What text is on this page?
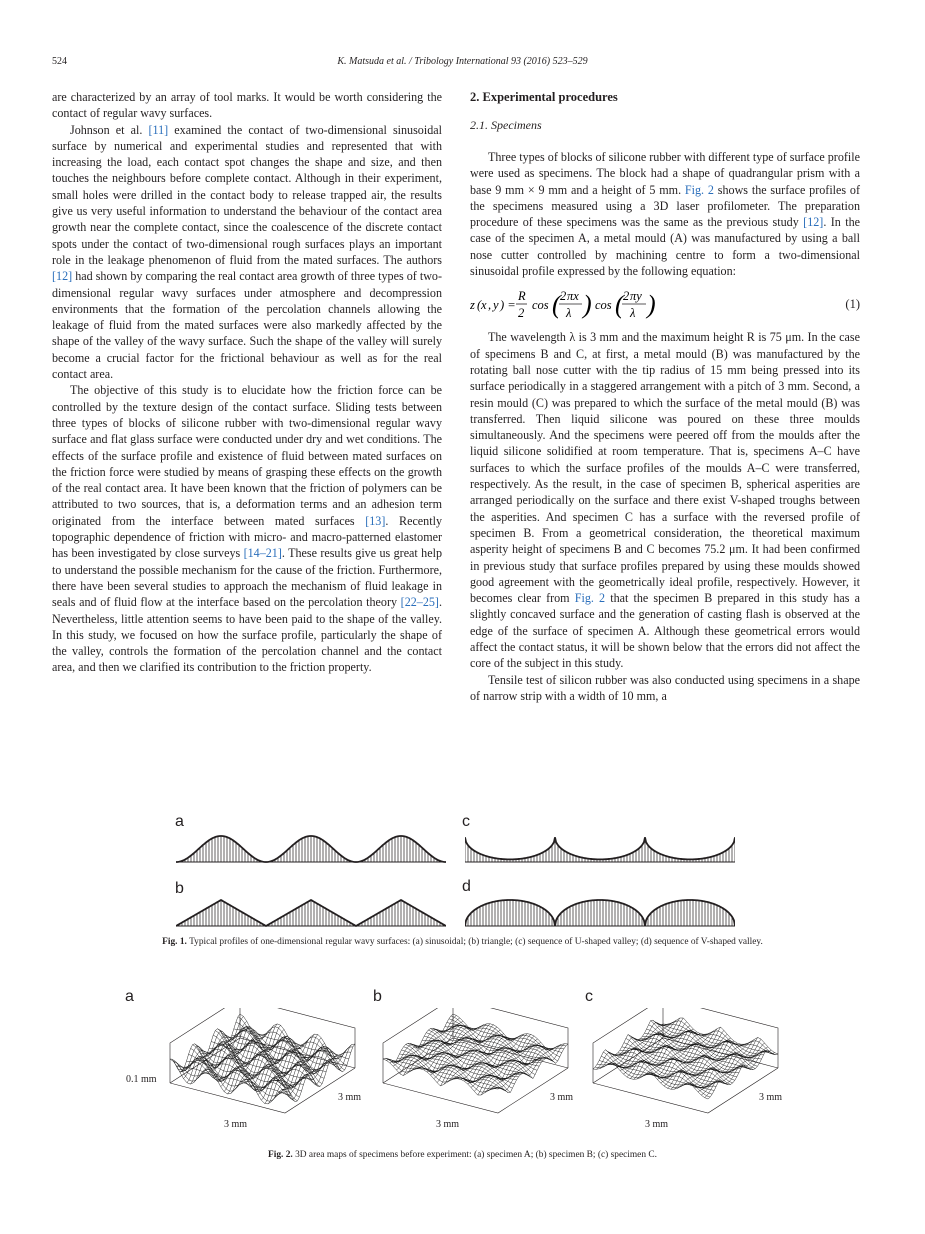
524	K. Matsuda et al. / Tribology International 93 (2016) 523–529

are characterized by an array of tool marks. It would be worth considering the contact of regular wavy surfaces.

Johnson et al. [11] examined the contact of two-dimensional sinusoidal surface by numerical and experimental studies and represented that with increasing the load, each contact spot changes the shape and size, and then touches the neighbours before complete contact. Although in their experiment, small holes were drilled in the contact body to release trapped air, the results give us very useful information to understand the behaviour of the contact area growth near the complete contact, since the coalescence of the discrete contact spots under the contact of two-dimensional rough surfaces plays an important role in the leakage phenomenon of fluid from the mated surfaces. The authors [12] had shown by comparing the real contact area growth of three types of two-dimensional regular wavy surfaces under atmosphere and decompression environments that the formation of the percolation channels allowing the leakage of fluid from the mated surfaces were also markedly affected by the shape of the valley of the wavy surface. Such the shape of the valley will surely become a crucial factor for the frictional behaviour as well as for the real contact area.

The objective of this study is to elucidate how the friction force can be controlled by the texture design of the contact surface. Sliding tests between three types of blocks of silicone rubber with two-dimensional regular wavy surface and flat glass surface were conducted under dry and wet conditions. The effects of the surface profile and existence of fluid between mated surfaces on the friction force were studied by means of grasping these effects on the growth of the real contact area. It have been known that the friction of polymers can be attributed to two sources, that is, a deformation terms and an adhesion term originated from the interface between mated surfaces [13]. Recently topographic dependence of friction with micro- and macro-patterned elastomer has been investigated by close surveys [14–21]. These results give us great help to understand the possible mechanism for the cause of the friction. Furthermore, there have been several studies to approach the mechanism of fluid leakage in seals and of fluid flow at the interface based on the percolation theory [22–25]. Nevertheless, little attention seems to have been paid to the shape of the valley. In this study, we focused on how the surface profile, particularly the shape of the valley, controls the formation of the percolation channel and the contact area, and then we clarified its contribution to the friction property.

2. Experimental procedures
2.1. Specimens

Three types of blocks of silicone rubber with different type of surface profile were used as specimens. The block had a shape of quadrangular prism with a base 9 mm × 9 mm and a height of 5 mm. Fig. 2 shows the surface profiles of the specimens measured using a 3D laser profilometer. The preparation procedure of these specimens was the same as the previous study [12]. In the case of the specimen A, a metal mould (A) was manufactured by using a ball nose cutter controlled by machining centre to form a two-dimensional sinusoidal profile expressed by the following equation:

z ( x , y ) =
R
2
cos ( 2 πx
λ ) cos ( 2 πy
λ )	(1)

The wavelength λ is 3 mm and the maximum height R is 75 μm. In the case of specimens B and C, at first, a metal mould (B) was manufactured by the rotating ball nose cutter with the tip radius of 15 mm being pressed into its surface periodically in a staggered arrangement with a pitch of 3 mm. Second, a resin mould (C) was prepared to which the surface of the metal mould (B) was transferred. Then liquid silicone was poured on these three moulds simultaneously. And the specimens were peered off from the moulds after the liquid silicone solidified at room temperature. That is, specimens A–C have surfaces to which the surface profiles of the moulds A–C were transferred, respectively. As the result, in the case of specimen B, spherical asperities are arranged periodically on the surface and there exist V-shaped troughs between the asperities. And specimen C has a surface with the reversed profile of specimen B. From a geometrical consideration, the theoretical maximum asperity height of specimens B and C becomes 75.2 μm. It had been confirmed in previous study that surface profiles prepared by using these moulds showed good agreement with the geometrically ideal profile, respectively. However, it becomes clear from Fig. 2 that the specimen B prepared in this study has a slightly concaved surface and the generation of casting flash is observed at the edge of the surface of specimen A. Although these geometrical errors would affect the contact status, it will be shown below that the errors did not affect the core of the subject in this study.

Tensile test of silicon rubber was also conducted using specimens in a shape of narrow strip with a width of 10 mm, a

a	c
b	d
Fig. 1. Typical profiles of one-dimensional regular wavy surfaces: (a) sinusoidal; (b) triangle; (c) sequence of U-shaped valley; (d) sequence of V-shaped valley.
a	b	c
0.1 mm
3 mm
3 mm
3 mm
3 mm
3 mm
3 mm
Fig. 2. 3D area maps of specimens before experiment: (a) specimen A; (b) specimen B; (c) specimen C.
